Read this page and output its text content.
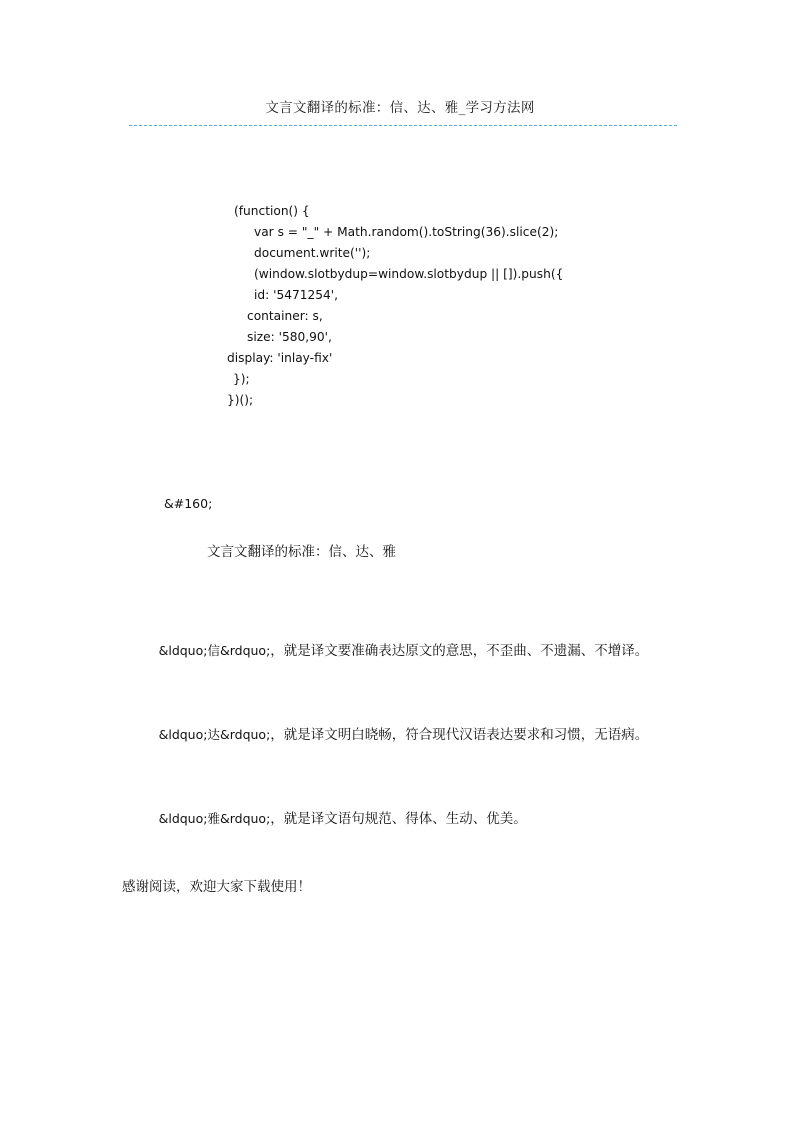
文言文翻译的标准：信、达、雅_学习方法网
(function() {
var s = "_" + Math.random().toString(36).slice(2);
document.write('');
(window.slotbydup=window.slotbydup || []).push({
id: '5471254',
container: s,
size: '580,90',
display: 'inlay-fix'
});
})();
&#160;
文言文翻译的标准：信、达、雅

&ldquo;信&rdquo;，就是译文要准确表达原文的意思，不歪曲、不遗漏、不增译。

&ldquo;达&rdquo;，就是译文明白晓畅，符合现代汉语表达要求和习惯，无语病。

&ldquo;雅&rdquo;，就是译文语句规范、得体、生动、优美。

感谢阅读，欢迎大家下载使用！
